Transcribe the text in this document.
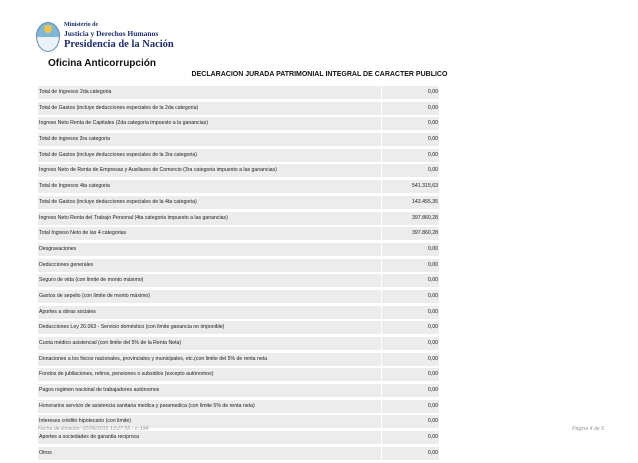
Ministerio de
Justicia y Derechos Humanos
Presidencia de la Nación
Oficina Anticorrupción
DECLARACION JURADA PATRIMONIAL INTEGRAL DE CARACTER PUBLICO
Total de Ingresos 2da categoria	0,00
Total de Gastos (incluye deducciones especiales de la 2da categoria)	0,00
Ingreso Neto Renta de Capitales (2da categoria impuesto a la ganancias)	0,00
Total de ingresos 3ra categoria	0,00
Total de Gastos (incluye deducciones especiales de la 3ra categoria)	0,00
Ingreso Neto de Renta de Empresas y Auxiliares de Comercio (3ra categoria impuesto a las ganancias)	0,00
Total de Ingresos 4ta categoria	541.315,63
Total de Gastos (incluye deducciones especiales de la 4ta categoria)	143.455,35
Ingreso Neto Renta del Trabajo Personal (4ta categoria impuesto a las ganancias)	397.860,28
Total Ingreso Neto de las 4 categorias	397.860,28
Desgravaciones	0,00
Deducciones generales	0,00
Seguro de vida (con limite de monto máximo)	0,00
Gastos de sepelio (con limite de monto máximo)	0,00
Aportes a obras sociales	0,00
Deducciones Ley 26.063 - Servicio doméstico (con limite ganancia no imponible)	0,00
Cuota médico asistencial (con limite del 5% de la Renta Neta)	0,00
Donaciones a los fiscos nacionales, provinciales y municipales, etc.(con limite del 5% de renta neta	0,00
Fondos de jubilaciones, retiros, pensiones o subsidios (excepto autónomos)	0,00
Pagos regimen nacional de trabajadores autónomos	0,00
Honorarios servicio de asistencia sanitaria medica y paramedica (con limite 5% de renta neta)	0,00
Intereses crédito hipotecario (con limite)	0,00
Aportes a sociedades de garantia reciproca	0,00
Otros	0,00
Fecha de Emisión: 02/06/2015 13:27:55 - v.:194	Página 4 de 5
